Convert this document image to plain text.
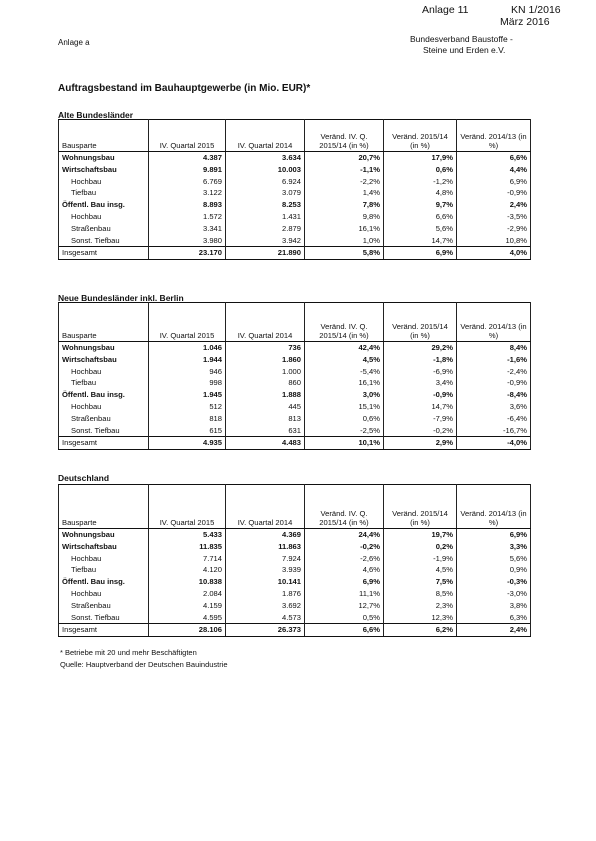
Anlage 11	KN 1/2016
März 2016
Anlage a	Bundesverband Baustoffe -
Steine und Erden e.V.
Auftragsbestand im Bauhauptgewerbe (in Mio. EUR)*
Alte Bundesländer
Bausparte	IV. Quartal 2015	IV. Quartal 2014	Veränd. IV. Q. 2015/14 (in %)	Veränd. 2015/14 (in %)	Veränd. 2014/13 (in %)
Wohnungsbau	4.387	3.634	20,7%	17,9%	6,6%
Wirtschaftsbau	9.891	10.003	-1,1%	0,6%	4,4%
Hochbau	6.769	6.924	-2,2%	-1,2%	6,9%
Tiefbau	3.122	3.079	1,4%	4,8%	-0,9%
Öffentl. Bau insg.	8.893	8.253	7,8%	9,7%	2,4%
Hochbau	1.572	1.431	9,8%	6,6%	-3,5%
Straßenbau	3.341	2.879	16,1%	5,6%	-2,9%
Sonst. Tiefbau	3.980	3.942	1,0%	14,7%	10,8%
Insgesamt	23.170	21.890	5,8%	6,9%	4,0%
Neue Bundesländer inkl. Berlin
Bausparte	IV. Quartal 2015	IV. Quartal 2014	Veränd. IV. Q. 2015/14 (in %)	Veränd. 2015/14 (in %)	Veränd. 2014/13 (in %)
Wohnungsbau	1.046	736	42,4%	29,2%	8,4%
Wirtschaftsbau	1.944	1.860	4,5%	-1,8%	-1,6%
Hochbau	946	1.000	-5,4%	-6,9%	-2,4%
Tiefbau	998	860	16,1%	3,4%	-0,9%
Öffentl. Bau insg.	1.945	1.888	3,0%	-0,9%	-8,4%
Hochbau	512	445	15,1%	14,7%	3,6%
Straßenbau	818	813	0,6%	-7,9%	-6,4%
Sonst. Tiefbau	615	631	-2,5%	-0,2%	-16,7%
Insgesamt	4.935	4.483	10,1%	2,9%	-4,0%
Deutschland
Bausparte	IV. Quartal 2015	IV. Quartal 2014	Veränd. IV. Q. 2015/14 (in %)	Veränd. 2015/14 (in %)	Veränd. 2014/13 (in %)
Wohnungsbau	5.433	4.369	24,4%	19,7%	6,9%
Wirtschaftsbau	11.835	11.863	-0,2%	0,2%	3,3%
Hochbau	7.714	7.924	-2,6%	-1,9%	5,6%
Tiefbau	4.120	3.939	4,6%	4,5%	0,9%
Öffentl. Bau insg.	10.838	10.141	6,9%	7,5%	-0,3%
Hochbau	2.084	1.876	11,1%	8,5%	-3,0%
Straßenbau	4.159	3.692	12,7%	2,3%	3,8%
Sonst. Tiefbau	4.595	4.573	0,5%	12,3%	6,3%
Insgesamt	28.106	26.373	6,6%	6,2%	2,4%
* Betriebe mit 20 und mehr Beschäftigten
Quelle: Hauptverband der Deutschen Bauindustrie
